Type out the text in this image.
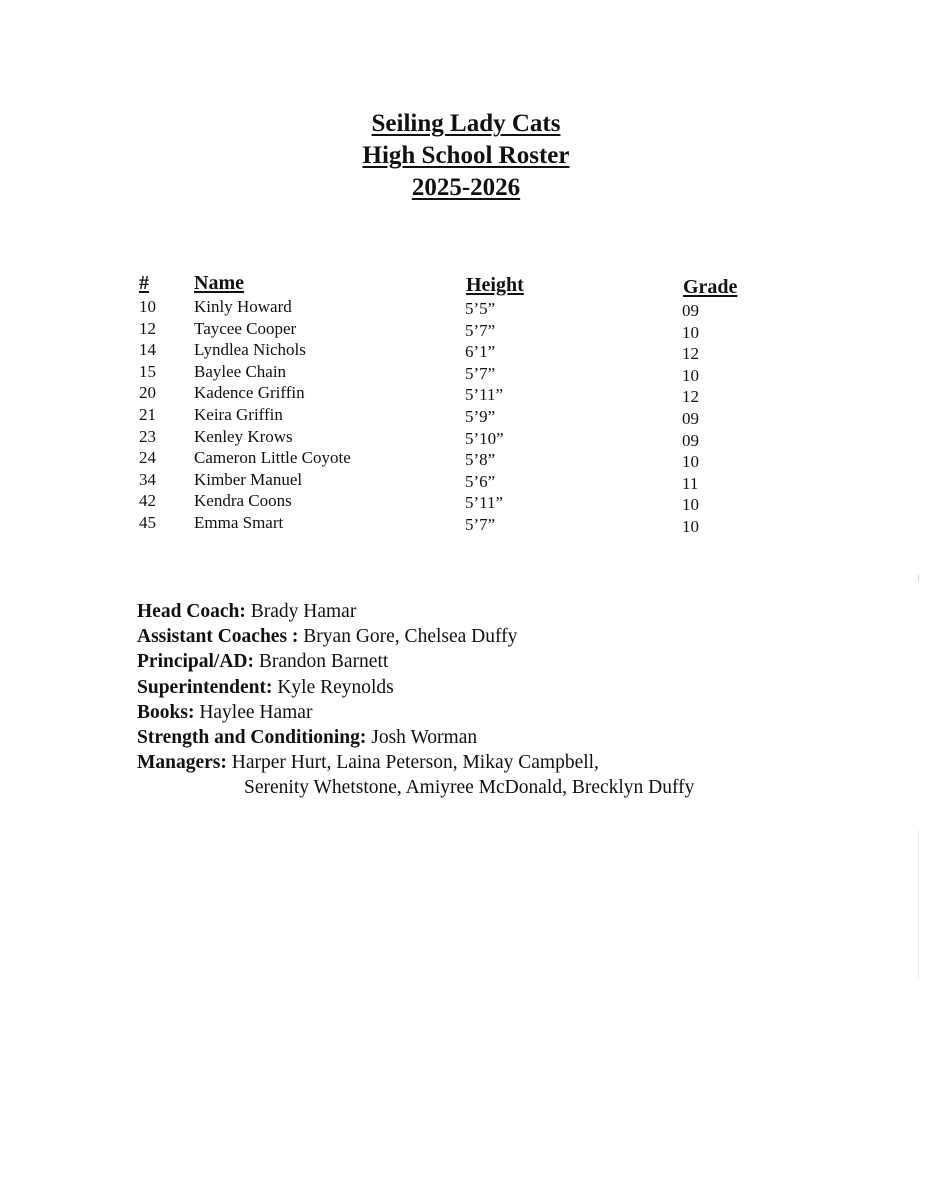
Seiling Lady Cats
High School Roster
2025-2026
# Name	Height	Grade
10 Kinly Howard	5’5”	09
12 Taycee Cooper	5’7”	10
14 Lyndlea Nichols	6’1”	12
15 Baylee Chain	5’7”	10
20 Kadence Griffin	5’11”	12
21 Keira Griffin	5’9”	09
23 Kenley Krows	5’10”	09
24 Cameron Little Coyote	5’8”	10
34 Kimber Manuel	5’6”	11
42 Kendra Coons	5’11”	10
45 Emma Smart	5’7”	10
Head Coach: Brady Hamar
Assistant Coaches : Bryan Gore, Chelsea Duffy
Principal/AD: Brandon Barnett
Superintendent: Kyle Reynolds
Books: Haylee Hamar
Strength and Conditioning: Josh Worman
Managers: Harper Hurt, Laina Peterson, Mikay Campbell,
Serenity Whetstone, Amiyree McDonald, Brecklyn Duffy
